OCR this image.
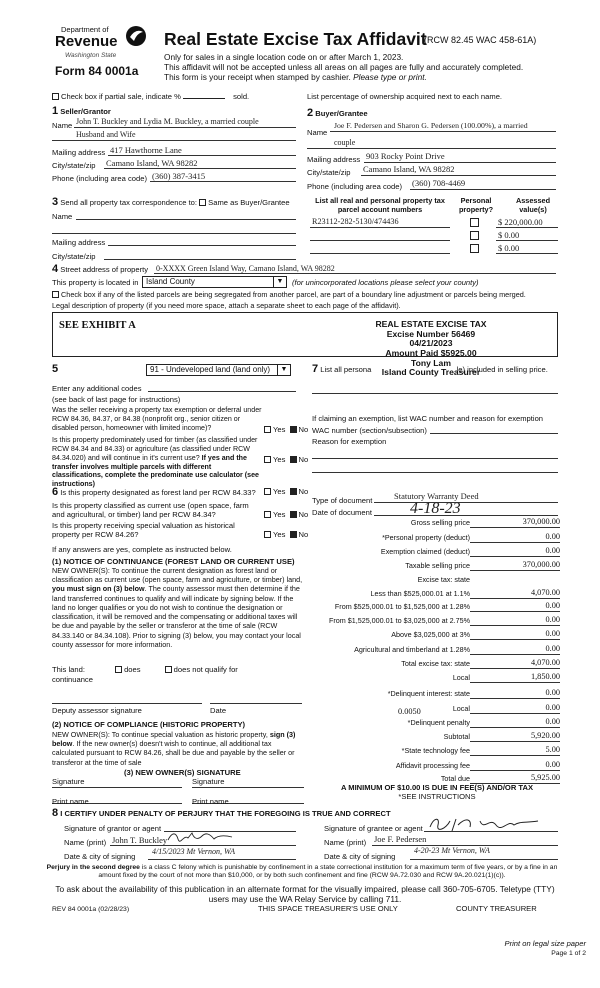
Department of
Revenue
Washington State
Form 84 0001a
Real Estate Excise Tax Affidavit
(RCW 82.45 WAC 458-61A)
Only for sales in a single location code on or after March 1, 2023.
This affidavit will not be accepted unless all areas on all pages are fully and accurately completed.
This form is your receipt when stamped by cashier. Please type or print.
Check box if partial sale, indicate %	sold.	List percentage of ownership acquired next to each name.
1 Seller/Grantor
Name John T. Buckley and Lydia M. Buckley, a married couple
Husband and Wife
Mailing address 417 Hawthorne Lane
City/state/zip Camano Island, WA 98282
Phone (including area code) (360) 387-3415
2 Buyer/Grantee
Joe F. Pedersen and Sharon G. Pedersen (100.00%), a married
Name
couple
Mailing address 903 Rocky Point Drive
City/state/zip Camano Island, WA 98282
Phone (including area code) (360) 708-4469
3 Send all property tax correspondence to: Same as Buyer/Grantee
Name
Mailing address
City/state/zip
List all real and personal property tax parcel account numbers
Personal property?
Assessed value(s)
R23112-282-5130/474436	$ 220,000.00
$ 0.00
$ 0.00
4 Street address of property 0-XXXX Green Island Way, Camano Island, WA 98282
This property is located in Island County	▼	(for unincorporated locations please select your county)
Check box if any of the listed parcels are being segregated from another parcel, are part of a boundary line adjustment or parcels being merged.
Legal description of property (if you need more space, attach a separate sheet to each page of the affidavit).
SEE EXHIBIT A	REAL ESTATE EXCISE TAX
Excise Number 56469
04/21/2023
Amount Paid $5925.00
Tony Lam
Island County Treasurer
5	91 - Undeveloped land (land only)	▼
Enter any additional codes
(see back of last page for instructions)
Was the seller receiving a property tax exemption or deferral under RCW 84.36, 84.37, or 84.38 (nonprofit org., senior citizen or disabled person, homeowner with limited income)?	Yes No
Is this property predominately used for timber (as classified under RCW 84.34 and 84.33) or agriculture (as classified under RCW 84.34.020) and will continue in it's current use? If yes and the transfer involves multiple parcels with different classifications, complete the predominate use calculator (see instructions)
Yes No
7 List all persona	le) included in selling price.
If claiming an exemption, list WAC number and reason for exemption
WAC number (section/subsection)
Reason for exemption
Type of document	Statutory Warranty Deed
Date of document 4-18-23
6 Is this property designated as forest land per RCW 84.33?	Yes No
Is this property classified as current use (open space, farm and agricultural, or timber) land per RCW 84.34?	Yes No
Is this property receiving special valuation as historical property per RCW 84.26?	Yes No
If any answers are yes, complete as instructed below.
(1) NOTICE OF CONTINUANCE (FOREST LAND OR CURRENT USE)
NEW OWNER(S): To continue the current designation as forest land or classification as current use (open space, farm and agriculture, or timber) land, you must sign on (3) below. The county assessor must then determine if the land transferred continues to qualify and will indicate by signing below. If the land no longer qualifies or you do not wish to continue the designation or classification, it will be removed and the compensating or additional taxes will be due and payable by the seller or transferor at the time of sale (RCW 84.33.140 or 84.34.108). Prior to signing (3) below, you may contact your local county assessor for more information.
This land:	does	does not qualify for
continuance
Deputy assessor signature	Date
(2) NOTICE OF COMPLIANCE (HISTORIC PROPERTY)
NEW OWNER(S): To continue special valuation as historic property, sign (3) below. If the new owner(s) doesn't wish to continue, all additional tax calculated pursuant to RCW 84.26, shall be due and payable by the seller or transferor at the time of sale
(3) NEW OWNER(S) SIGNATURE
Signature	Signature
Print name	Print name
Gross selling price	370,000.00
*Personal property (deduct)	0.00
Exemption claimed (deduct)	0.00
Taxable selling price	370,000.00
Excise tax: state
Less than $525,000.01 at 1.1%	4,070.00
From $525,000.01 to $1,525,000 at 1.28%	0.00
From $1,525,000.01 to $3,025,000 at 2.75%	0.00
Above $3,025,000 at 3%	0.00
Agricultural and timberland at 1.28%	0.00
Total excise tax: state	4,070.00
Local	1,850.00
*Delinquent interest: state	0.00
Local	0.00
*Delinquent penalty	0.00
Subtotal	5,920.00
*State technology fee	5.00
Affidavit processing fee	0.00
Total due	5,925.00
0.0050
A MINIMUM OF $10.00 IS DUE IN FEE(S) AND/OR TAX
*SEE INSTRUCTIONS
8 I CERTIFY UNDER PENALTY OF PERJURY THAT THE FOREGOING IS TRUE AND CORRECT
Signature of grantor or agent
Name (print) John T. Buckley
Date & city of signing
4/15/2023 Mt Vernon, WA
Signature of grantee or agent
Name (print) Joe F. Pedersen
Date & city of signing
4-20-23 Mt Vernon, WA
Perjury in the second degree is a class C felony which is punishable by confinement in a state correctional institution for a maximum term of five years, or by a fine in an amount fixed by the court of not more than $10,000, or by both such confinement and fine (RCW 9A.72.030 and RCW 9A.20.021(1)(c)).
To ask about the availability of this publication in an alternate format for the visually impaired, please call 360-705-6705. Teletype (TTY) users may use the WA Relay Service by calling 711.
REV 84 0001a (02/28/23)	THIS SPACE TREASURER'S USE ONLY	COUNTY TREASURER
Print on legal size paper
Page 1 of 2
